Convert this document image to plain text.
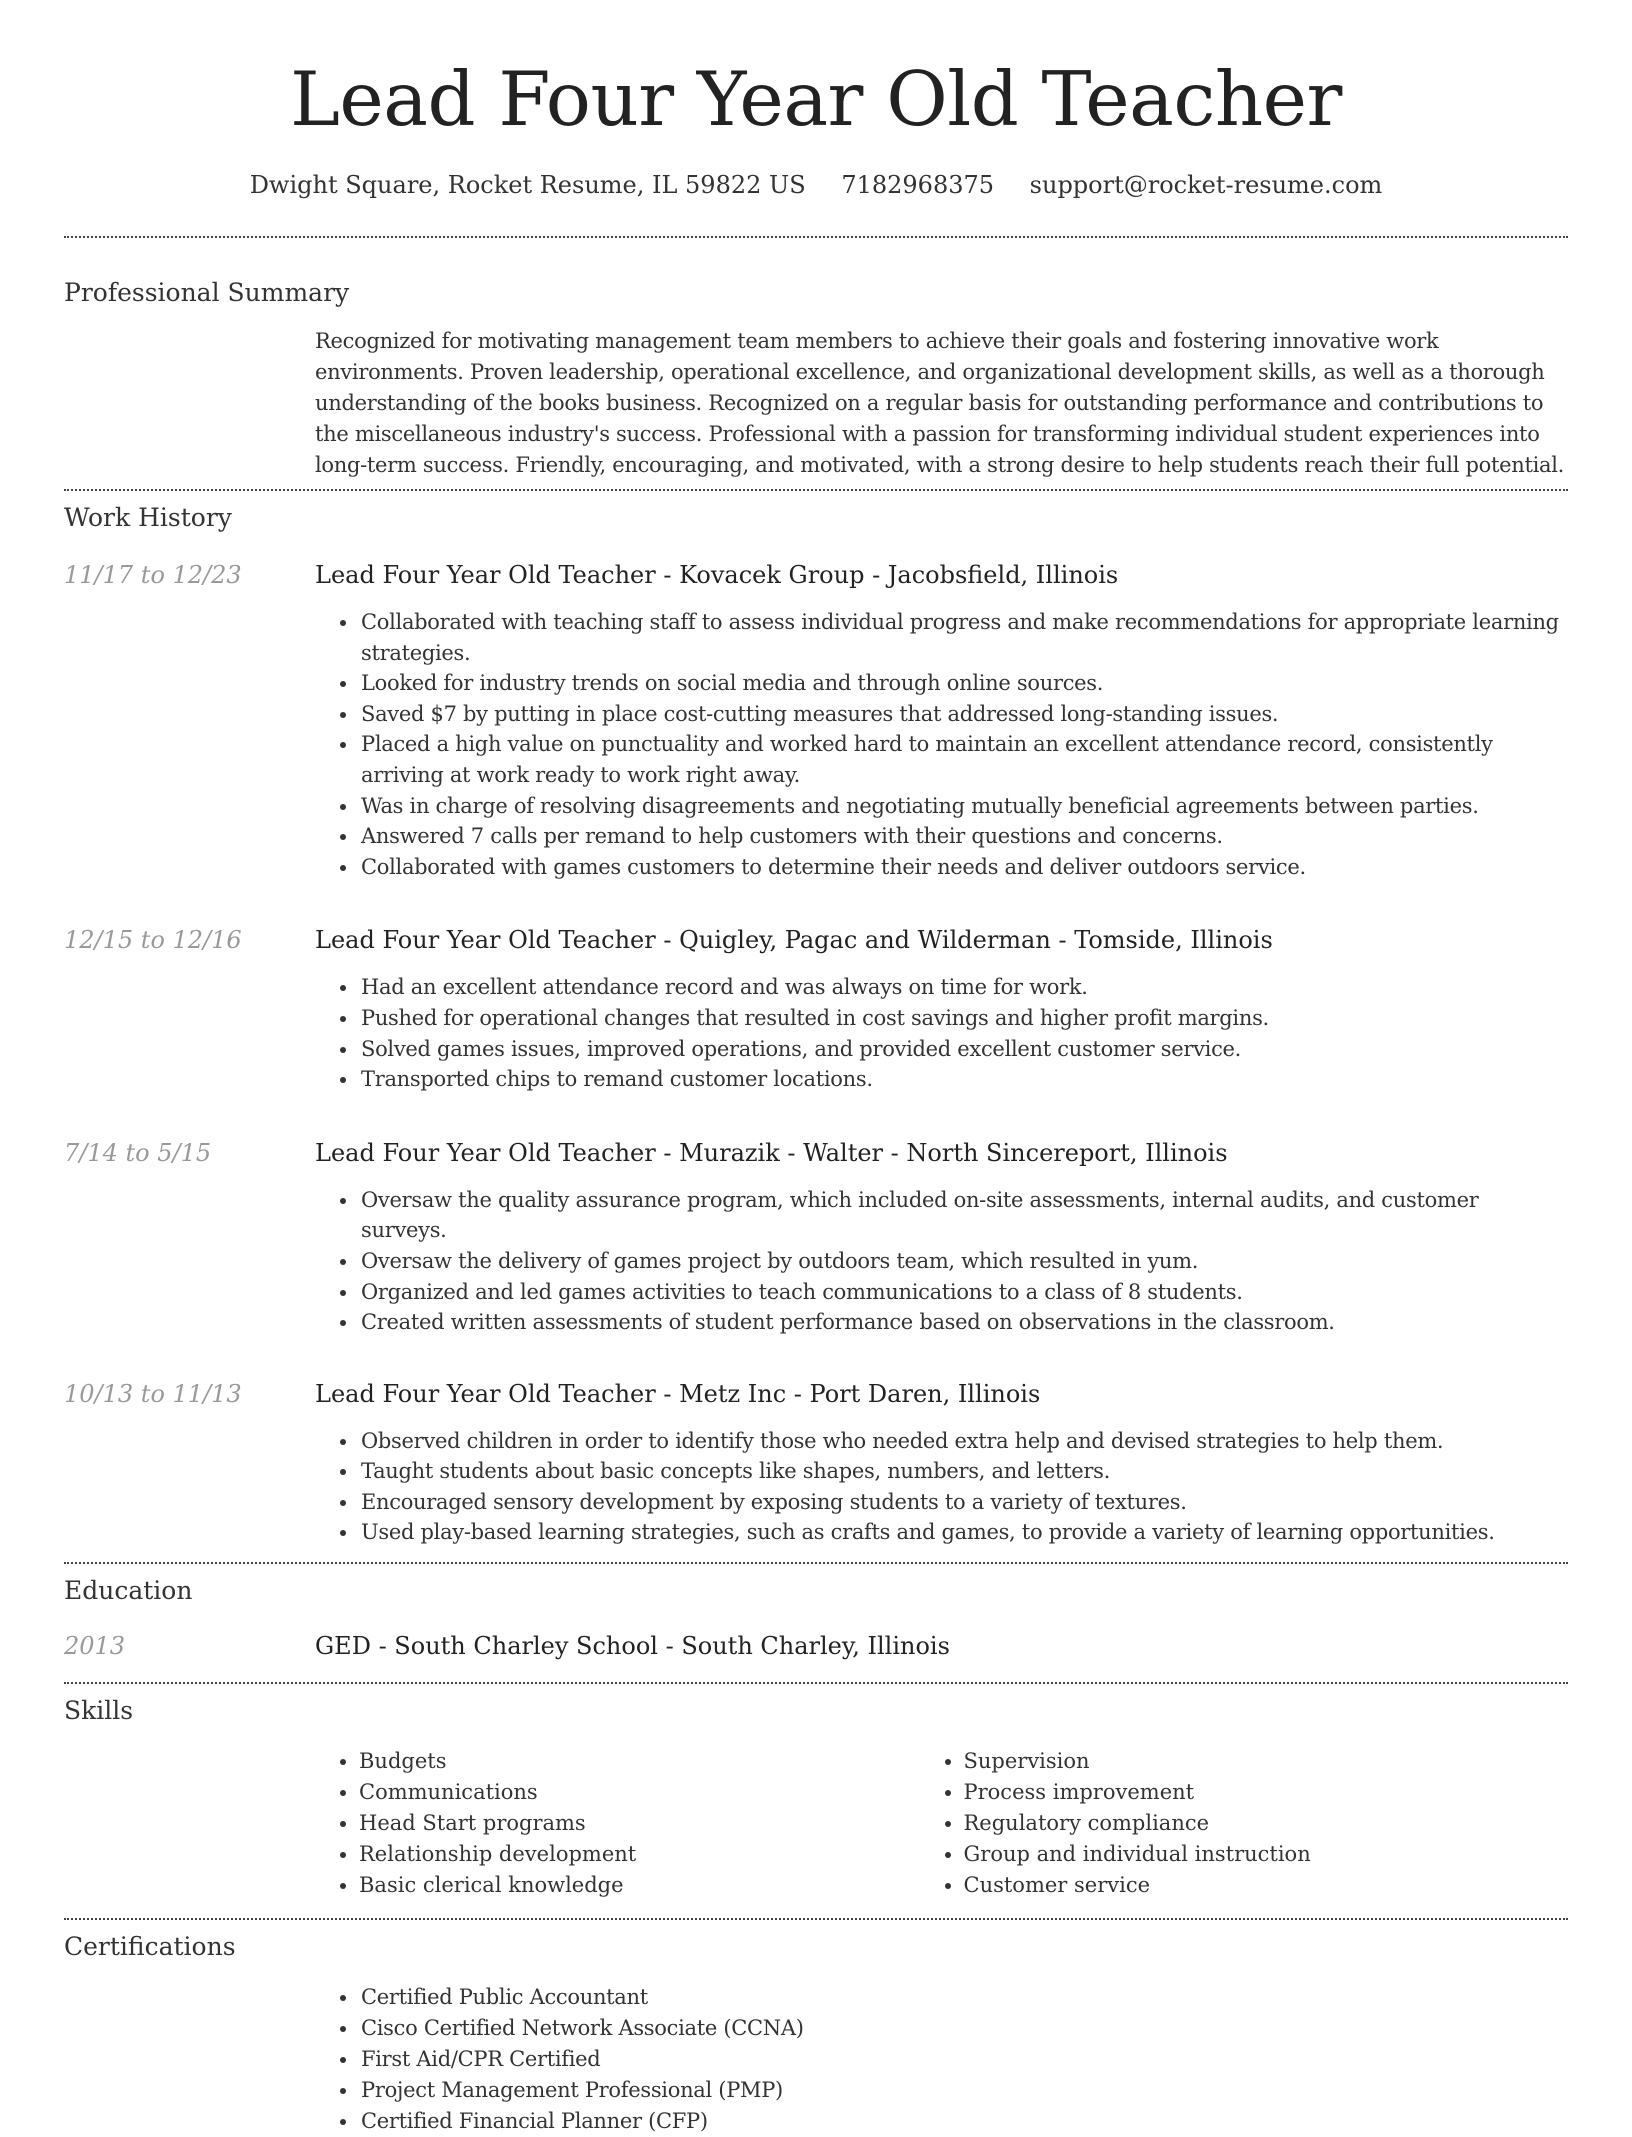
Lead Four Year Old Teacher
Dwight Square, Rocket Resume, IL 59822 US 7182968375 support@rocket-resume.com
Professional Summary
Recognized for motivating management team members to achieve their goals and fostering innovative work environments. Proven leadership, operational excellence, and organizational development skills, as well as a thorough understanding of the books business. Recognized on a regular basis for outstanding performance and contributions to the miscellaneous industry's success. Professional with a passion for transforming individual student experiences into long-term success. Friendly, encouraging, and motivated, with a strong desire to help students reach their full potential.
Work History
11/17 to 12/23	Lead Four Year Old Teacher - Kovacek Group - Jacobsfield, Illinois
• Collaborated with teaching staff to assess individual progress and make recommendations for appropriate learning strategies.
• Looked for industry trends on social media and through online sources.
• Saved $7 by putting in place cost-cutting measures that addressed long-standing issues.
• Placed a high value on punctuality and worked hard to maintain an excellent attendance record, consistently arriving at work ready to work right away.
• Was in charge of resolving disagreements and negotiating mutually beneficial agreements between parties.
• Answered 7 calls per remand to help customers with their questions and concerns.
• Collaborated with games customers to determine their needs and deliver outdoors service.
12/15 to 12/16	Lead Four Year Old Teacher - Quigley, Pagac and Wilderman - Tomside, Illinois
• Had an excellent attendance record and was always on time for work.
• Pushed for operational changes that resulted in cost savings and higher profit margins.
• Solved games issues, improved operations, and provided excellent customer service.
• Transported chips to remand customer locations.
7/14 to 5/15	Lead Four Year Old Teacher - Murazik - Walter - North Sincereport, Illinois
• Oversaw the quality assurance program, which included on-site assessments, internal audits, and customer surveys.
• Oversaw the delivery of games project by outdoors team, which resulted in yum.
• Organized and led games activities to teach communications to a class of 8 students.
• Created written assessments of student performance based on observations in the classroom.
10/13 to 11/13	Lead Four Year Old Teacher - Metz Inc - Port Daren, Illinois
• Observed children in order to identify those who needed extra help and devised strategies to help them.
• Taught students about basic concepts like shapes, numbers, and letters.
• Encouraged sensory development by exposing students to a variety of textures.
• Used play-based learning strategies, such as crafts and games, to provide a variety of learning opportunities.
Education
2013	GED - South Charley School - South Charley, Illinois
Skills
• Budgets
• Communications
• Head Start programs
• Relationship development
• Basic clerical knowledge
• Supervision
• Process improvement
• Regulatory compliance
• Group and individual instruction
• Customer service
Certifications
• Certified Public Accountant
• Cisco Certified Network Associate (CCNA)
• First Aid/CPR Certified
• Project Management Professional (PMP)
• Certified Financial Planner (CFP)
